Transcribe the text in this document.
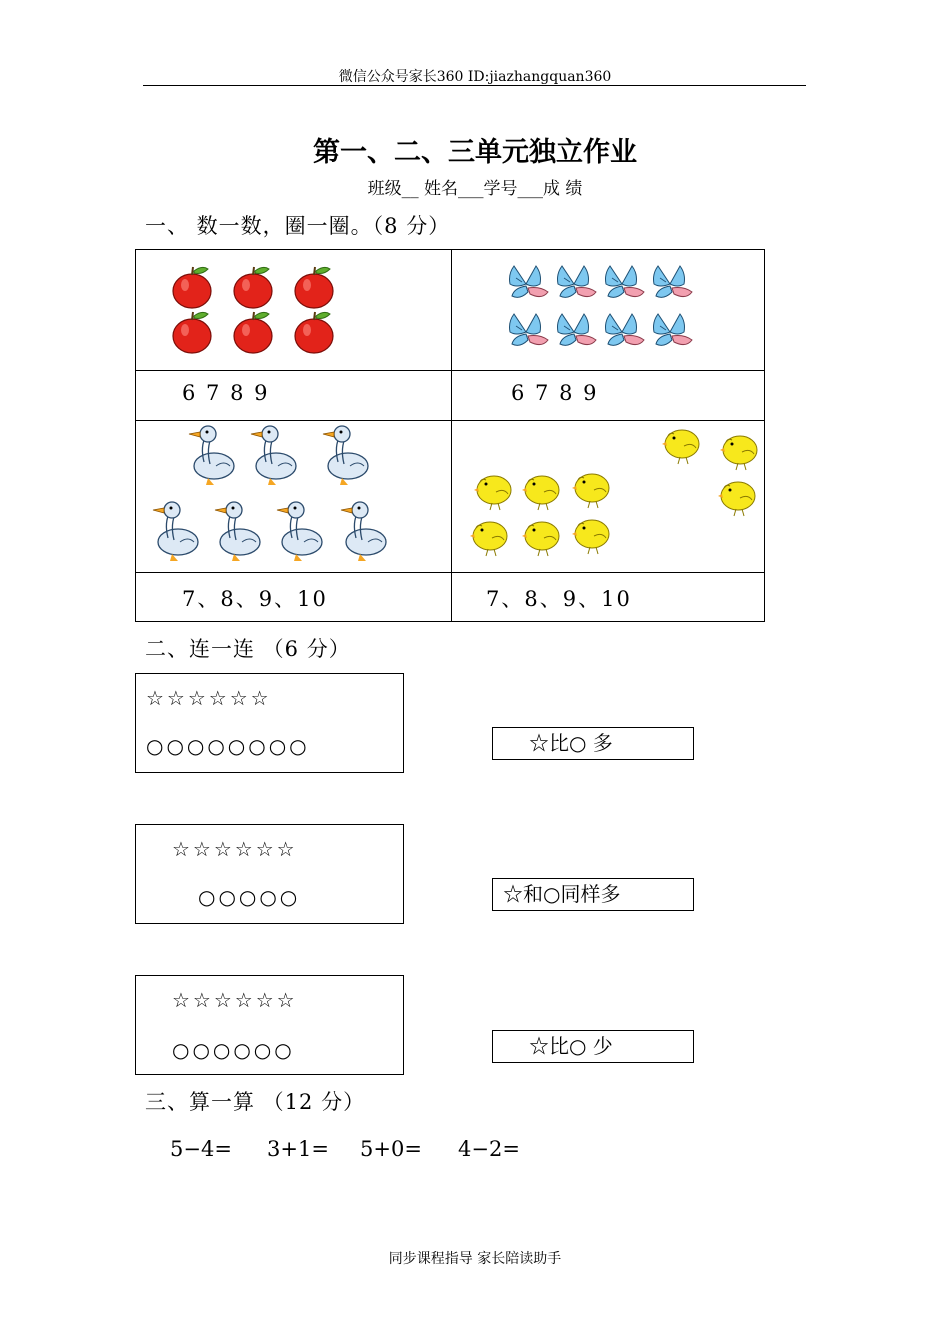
微信公众号家长360 ID:jiazhangquan360
第一、二、三单元独立作业
班级__ 姓名___学号___成 绩
一、 数一数，圈一圈。（8 分）
6 7 8 9	6 7 8 9
7、8、9、10	7、8、9、10
二、连一连 （6 分）
☆☆☆☆☆☆
○○○○○○○○	☆比○ 多
☆☆☆☆☆☆
○○○○○	☆和○同样多
☆☆☆☆☆☆
○○○○○○	☆比○ 少
三、算一算 （12 分）
5−4= 3+1= 5+0= 4−2=
同步课程指导 家长陪读助手
